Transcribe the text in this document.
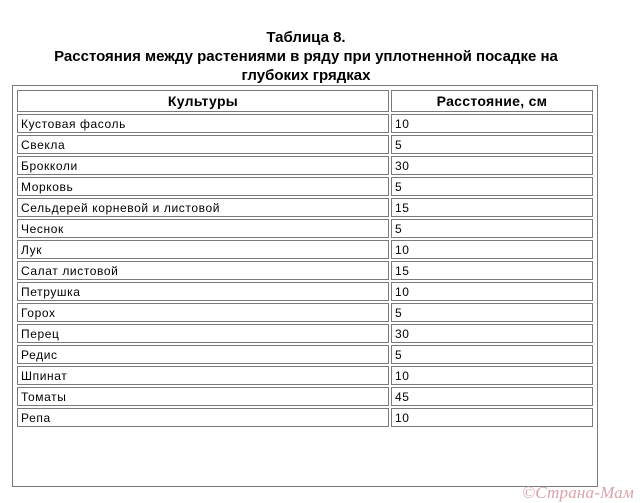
Таблица 8.
Расстояния между растениями в ряду при уплотненной посадке на
глубоких грядках
Культуры	Расстояние, см
Кустовая фасоль	10
Свекла	5
Брокколи	30
Морковь	5
Сельдерей корневой и листовой	15
Чеснок	5
Лук	10
Салат листовой	15
Петрушка	10
Горох	5
Перец	30
Редис	5
Шпинат	10
Томаты	45
Репа	10
©Страна-Мам
